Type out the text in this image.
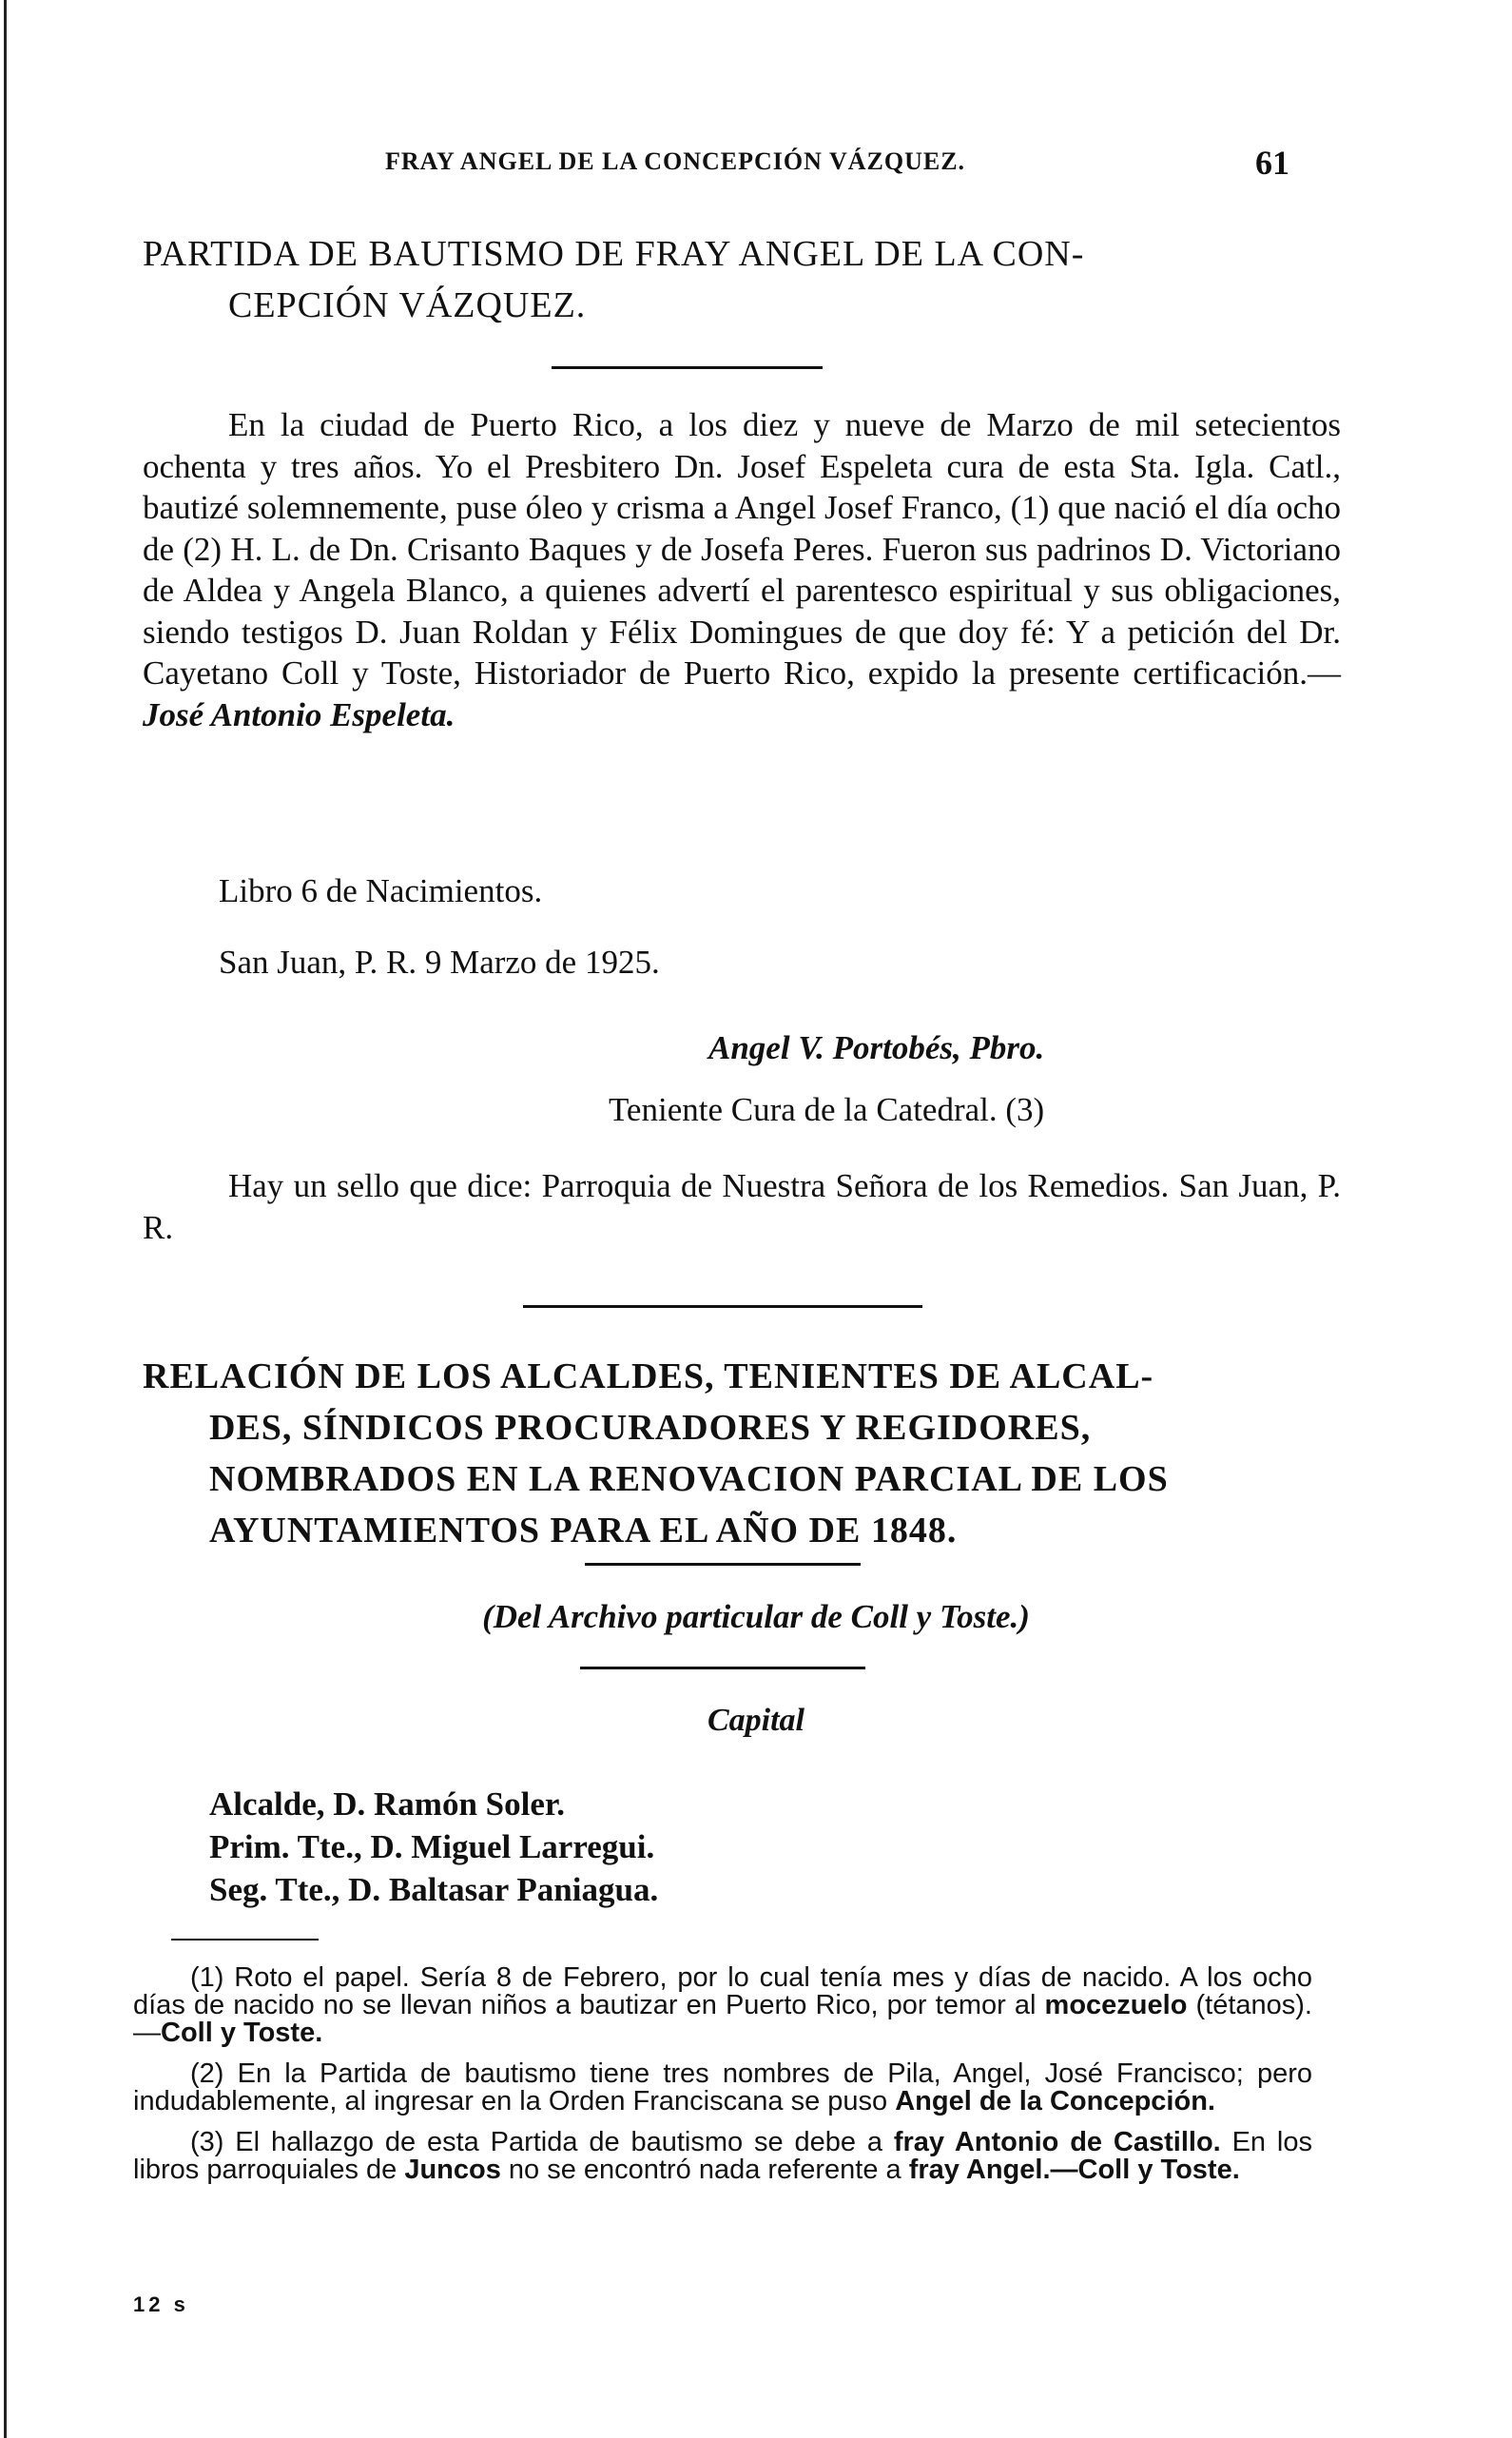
FRAY ANGEL DE LA CONCEPCIÓN VÁZQUEZ.	61
PARTIDA DE BAUTISMO DE FRAY ANGEL DE LA CON-
CEPCIÓN VÁZQUEZ.
En la ciudad de Puerto Rico, a los diez y nueve de Marzo de mil setecientos ochenta y tres años. Yo el Presbitero Dn. Josef Espeleta cura de esta Sta. Igla. Catl., bautizé solemnemente, puse óleo y crisma a Angel Josef Franco, (1) que nació el día ocho de (2) H. L. de Dn. Crisanto Baques y de Josefa Peres. Fueron sus padrinos D. Victoriano de Aldea y Angela Blanco, a quienes advertí el parentesco espiritual y sus obligaciones, siendo testigos D. Juan Roldan y Félix Domingues de que doy fé: Y a petición del Dr. Cayetano Coll y Toste, Historiador de Puerto Rico, expido la presente certificación.—José Antonio Espeleta.
Libro 6 de Nacimientos.
San Juan, P. R. 9 Marzo de 1925.
Angel V. Portobés, Pbro.
Teniente Cura de la Catedral. (3)
Hay un sello que dice: Parroquia de Nuestra Señora de los Remedios. San Juan, P. R.
RELACIÓN DE LOS ALCALDES, TENIENTES DE ALCAL-
DES, SÍNDICOS PROCURADORES Y REGIDORES,
NOMBRADOS EN LA RENOVACION PARCIAL DE LOS
AYUNTAMIENTOS PARA EL AÑO DE 1848.
(Del Archivo particular de Coll y Toste.)
Capital
Alcalde, D. Ramón Soler.
Prim. Tte., D. Miguel Larregui.
Seg. Tte., D. Baltasar Paniagua.
(1) Roto el papel. Sería 8 de Febrero, por lo cual tenía mes y días de nacido. A los ocho días de nacido no se llevan niños a bautizar en Puerto Rico, por temor al mocezuelo (tétanos).—Coll y Toste.
(2) En la Partida de bautismo tiene tres nombres de Pila, Angel, José Francisco; pero indudablemente, al ingresar en la Orden Franciscana se puso Angel de la Concepción.
(3) El hallazgo de esta Partida de bautismo se debe a fray Antonio de Castillo. En los libros parroquiales de Juncos no se encontró nada referente a fray Angel.—Coll y Toste.
12 s
